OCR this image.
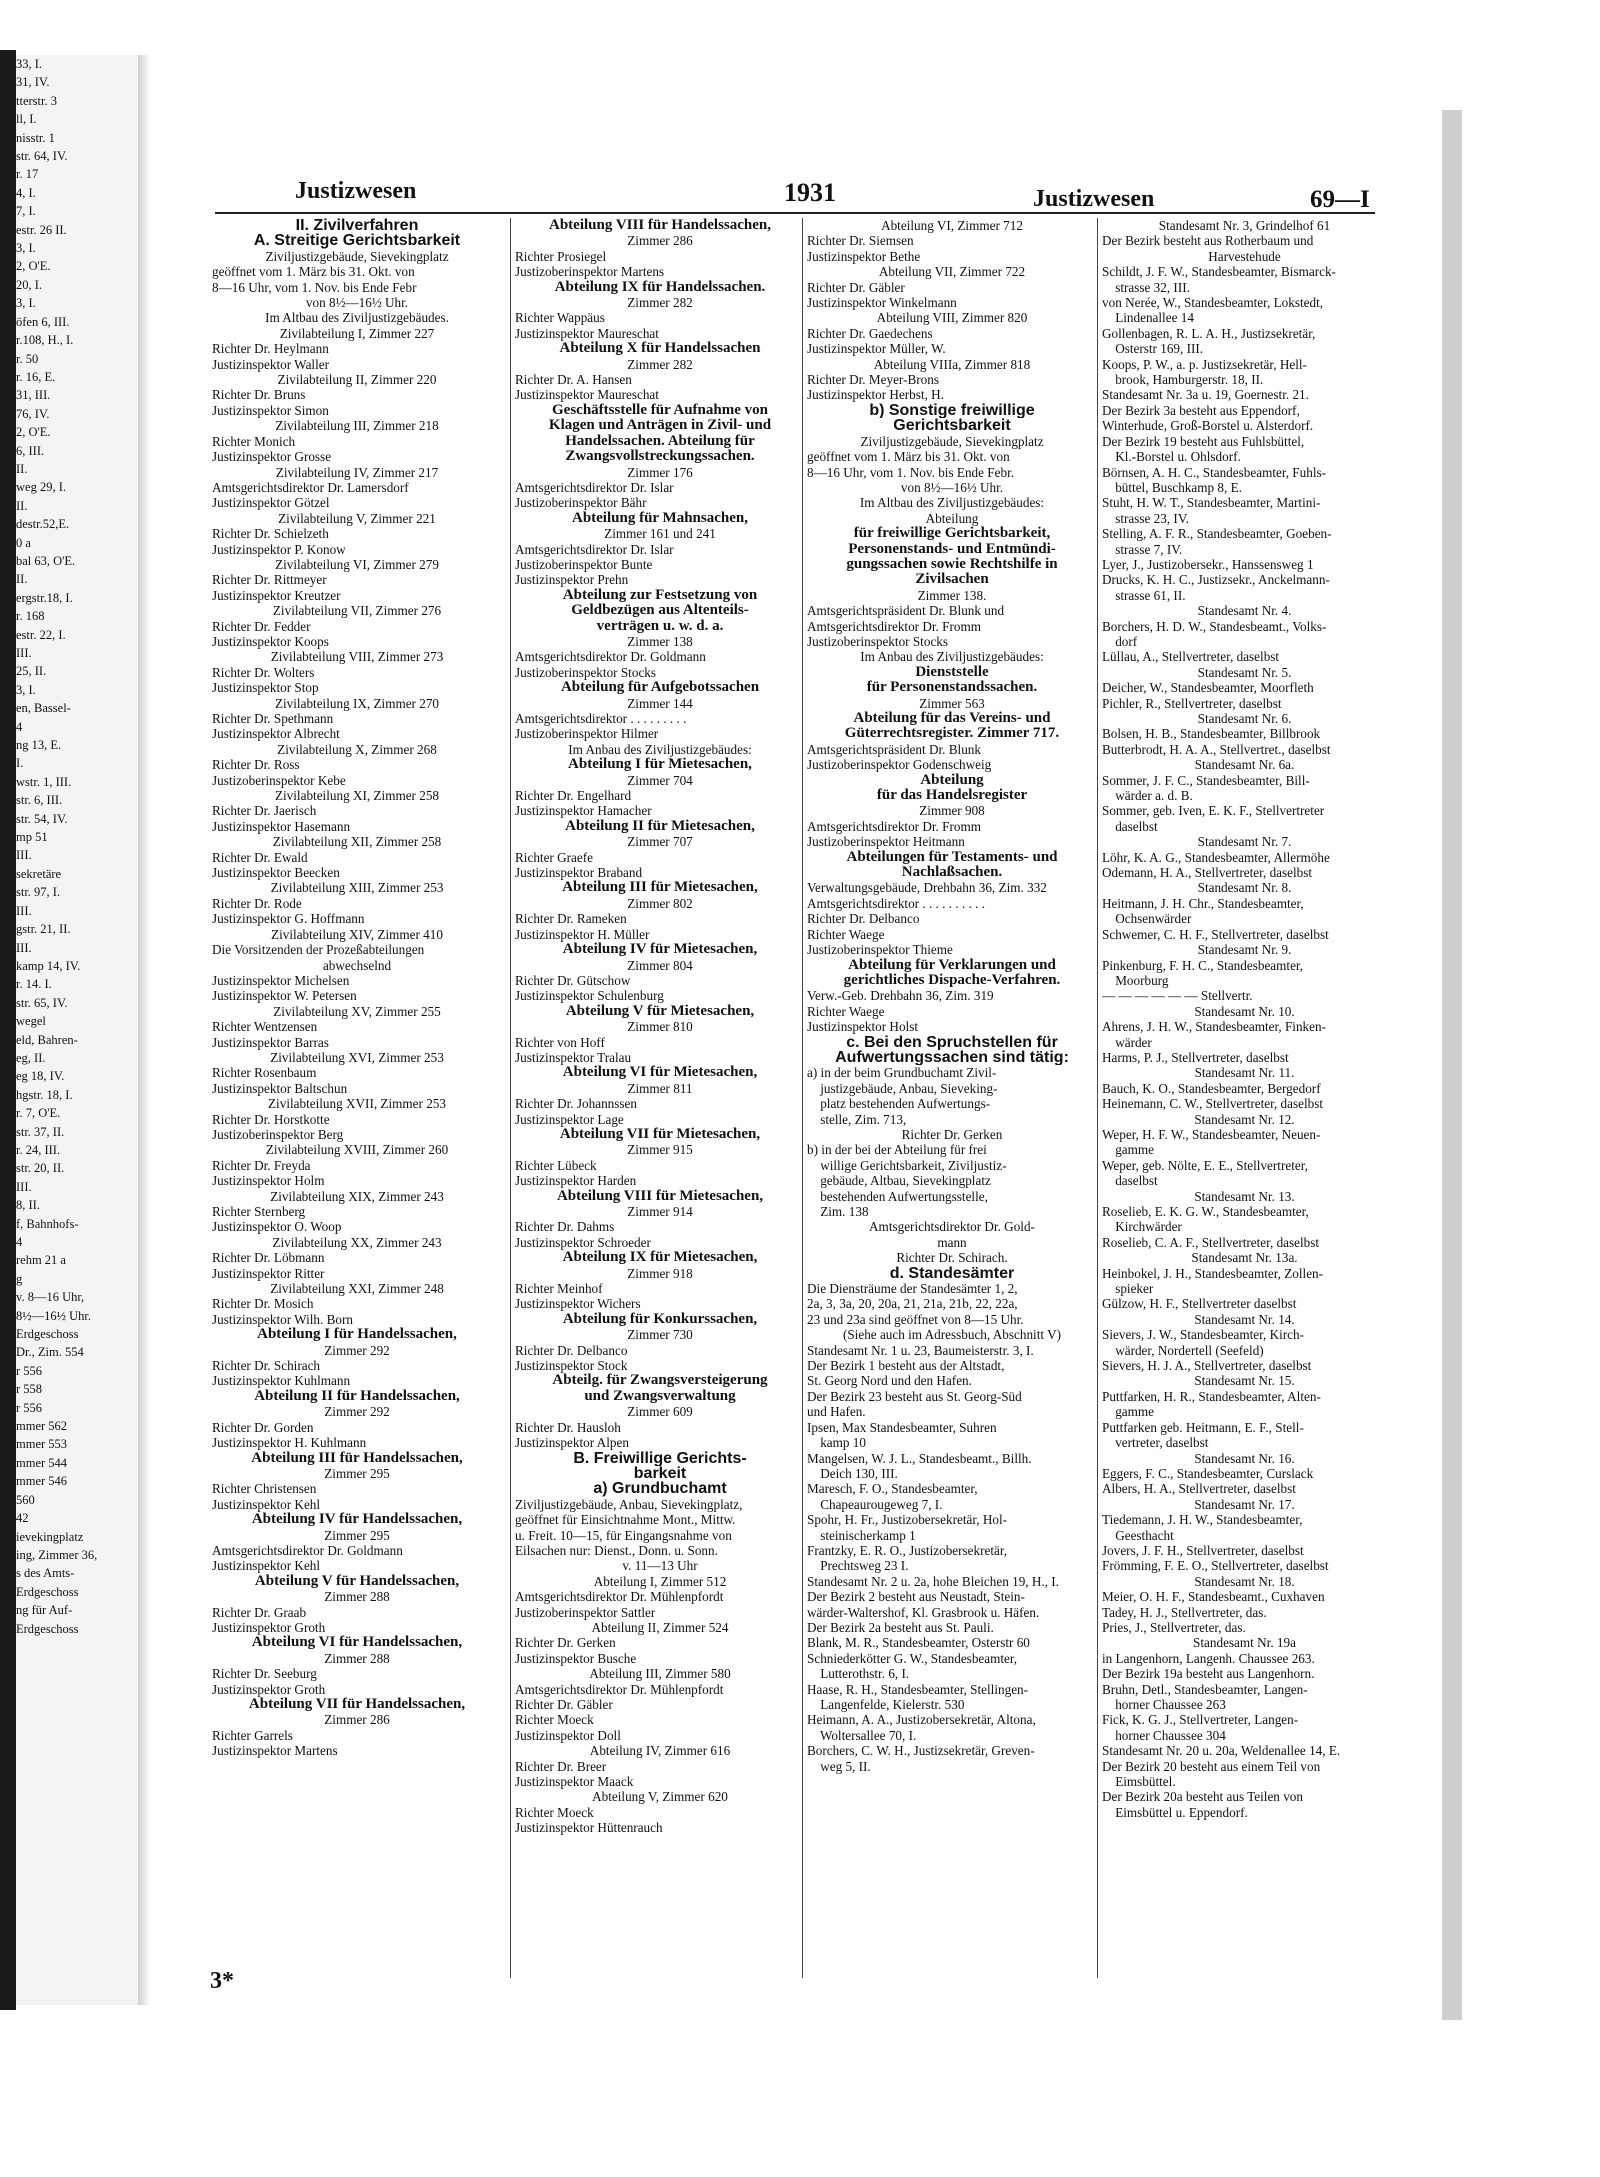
33, I.
31, IV.
tterstr. 3
ll, I.
nisstr. 1
str. 64, IV.
r. 17
4, I.
7, I.
estr. 26 II.
3, I.
2, O'E.
20, I.
3, I.
öfen 6, III.
r.108, H., I.
r. 50
r. 16, E.
31, III.
76, IV.
2, O'E.
6, III.
II.
weg 29, I.
II.
destr.52,E.
0 a
bal 63, O'E.
II.
ergstr.18, I.
r. 168
estr. 22, I.
III.
25, II.
3, I.
en, Bassel-
4
ng 13, E.
I.
wstr. 1, III.
str. 6, III.
str. 54, IV.
mp 51
III.
sekretäre
str. 97, I.
III.
gstr. 21, II.
III.
kamp 14, IV.
r. 14. I.
str. 65, IV.
wegel
eld, Bahren-
eg, II.
eg 18, IV.
hgstr. 18, I.
r. 7, O'E.
str. 37, II.
r. 24, III.
str. 20, II.
III.
8, II.
f, Bahnhofs-
4
rehm 21 a
g
v. 8—16 Uhr,
8½—16½ Uhr.
Erdgeschoss
Dr., Zim. 554
r 556
r 558
r 556
mmer 562
mmer 553
mmer 544
mmer 546
560
42
ievekingplatz
ing, Zimmer 36,
s des Amts-
Erdgeschoss
ng für Auf-
Erdgeschoss
Justizwesen	1931	Justizwesen	69—I
II. Zivilverfahren
A. Streitige Gerichtsbarkeit
Ziviljustizgebäude, Sievekingplatz
geöffnet vom 1. März bis 31. Okt. von
8—16 Uhr, vom 1. Nov. bis Ende Febr
von 8½—16½ Uhr.
Im Altbau des Ziviljustizgebäudes.
Zivilabteilung I, Zimmer 227
Richter Dr. Heylmann
Justizinspektor Waller
Zivilabteilung II, Zimmer 220
Richter Dr. Bruns
Justizinspektor Simon
Zivilabteilung III, Zimmer 218
Richter Monich
Justizinspektor Grosse
Zivilabteilung IV, Zimmer 217
Amtsgerichtsdirektor Dr. Lamersdorf
Justizinspektor Götzel
Zivilabteilung V, Zimmer 221
Richter Dr. Schielzeth
Justizinspektor P. Konow
Zivilabteilung VI, Zimmer 279
Richter Dr. Rittmeyer
Justizinspektor Kreutzer
Zivilabteilung VII, Zimmer 276
Richter Dr. Fedder
Justizinspektor Koops
Zivilabteilung VIII, Zimmer 273
Richter Dr. Wolters
Justizinspektor Stop
Zivilabteilung IX, Zimmer 270
Richter Dr. Spethmann
Justizinspektor Albrecht
Zivilabteilung X, Zimmer 268
Richter Dr. Ross
Justizoberinspektor Kebe
Zivilabteilung XI, Zimmer 258
Richter Dr. Jaerisch
Justizinspektor Hasemann
Zivilabteilung XII, Zimmer 258
Richter Dr. Ewald
Justizinspektor Beecken
Zivilabteilung XIII, Zimmer 253
Richter Dr. Rode
Justizinspektor G. Hoffmann
Zivilabteilung XIV, Zimmer 410
Die Vorsitzenden der Prozeßabteilungen
abwechselnd
Justizinspektor Michelsen
Justizinspektor W. Petersen
Zivilabteilung XV, Zimmer 255
Richter Wentzensen
Justizinspektor Barras
Zivilabteilung XVI, Zimmer 253
Richter Rosenbaum
Justizinspektor Baltschun
Zivilabteilung XVII, Zimmer 253
Richter Dr. Horstkotte
Justizoberinspektor Berg
Zivilabteilung XVIII, Zimmer 260
Richter Dr. Freyda
Justizinspektor Holm
Zivilabteilung XIX, Zimmer 243
Richter Sternberg
Justizinspektor O. Woop
Zivilabteilung XX, Zimmer 243
Richter Dr. Löbmann
Justizinspektor Ritter
Zivilabteilung XXI, Zimmer 248
Richter Dr. Mosich
Justizinspektor Wilh. Born
Abteilung I für Handelssachen,
Zimmer 292
Richter Dr. Schirach
Justizinspektor Kuhlmann
Abteilung II für Handelssachen,
Zimmer 292
Richter Dr. Gorden
Justizinspektor H. Kuhlmann
Abteilung III für Handelssachen,
Zimmer 295
Richter Christensen
Justizinspektor Kehl
Abteilung IV für Handelssachen,
Zimmer 295
Amtsgerichtsdirektor Dr. Goldmann
Justizinspektor Kehl
Abteilung V für Handelssachen,
Zimmer 288
Richter Dr. Graab
Justizinspektor Groth
Abteilung VI für Handelssachen,
Zimmer 288
Richter Dr. Seeburg
Justizinspektor Groth
Abteilung VII für Handelssachen,
Zimmer 286
Richter Garrels
Justizinspektor Martens
Abteilung VIII für Handelssachen,
Zimmer 286
Richter Prosiegel
Justizoberinspektor Martens
Abteilung IX für Handelssachen.
Zimmer 282
Richter Wappäus
Justizinspektor Maureschat
Abteilung X für Handelssachen
Zimmer 282
Richter Dr. A. Hansen
Justizinspektor Maureschat
Geschäftsstelle für Aufnahme von
Klagen und Anträgen in Zivil- und
Handelssachen. Abteilung für
Zwangsvollstreckungssachen.
Zimmer 176
Amtsgerichtsdirektor Dr. Islar
Justizoberinspektor Bähr
Abteilung für Mahnsachen,
Zimmer 161 und 241
Amtsgerichtsdirektor Dr. Islar
Justizoberinspektor Bunte
Justizinspektor Prehn
Abteilung zur Festsetzung von
Geldbezügen aus Altenteils-
verträgen u. w. d. a.
Zimmer 138
Amtsgerichtsdirektor Dr. Goldmann
Justizoberinspektor Stocks
Abteilung für Aufgebotssachen
Zimmer 144
Amtsgerichtsdirektor . . . . . . . . .
Justizoberinspektor Hilmer
Im Anbau des Ziviljustizgebäudes:
Abteilung I für Mietesachen,
Zimmer 704
Richter Dr. Engelhard
Justizinspektor Hamacher
Abteilung II für Mietesachen,
Zimmer 707
Richter Graefe
Justizinspektor Braband
Abteilung III für Mietesachen,
Zimmer 802
Richter Dr. Rameken
Justizinspektor H. Müller
Abteilung IV für Mietesachen,
Zimmer 804
Richter Dr. Gütschow
Justizinspektor Schulenburg
Abteilung V für Mietesachen,
Zimmer 810
Richter von Hoff
Justizinspektor Tralau
Abteilung VI für Mietesachen,
Zimmer 811
Richter Dr. Johannssen
Justizinspektor Lage
Abteilung VII für Mietesachen,
Zimmer 915
Richter Lübeck
Justizinspektor Harden
Abteilung VIII für Mietesachen,
Zimmer 914
Richter Dr. Dahms
Justizinspektor Schroeder
Abteilung IX für Mietesachen,
Zimmer 918
Richter Meinhof
Justizinspektor Wichers
Abteilung für Konkurssachen,
Zimmer 730
Richter Dr. Delbanco
Justizinspektor Stock
Abteilg. für Zwangsversteigerung
und Zwangsverwaltung
Zimmer 609
Richter Dr. Hausloh
Justizinspektor Alpen
B. Freiwillige Gerichts-
barkeit
a) Grundbuchamt
Ziviljustizgebäude, Anbau, Sievekingplatz,
geöffnet für Einsichtnahme Mont., Mittw.
u. Freit. 10—15, für Eingangsnahme von
Eilsachen nur: Dienst., Donn. u. Sonn.
v. 11—13 Uhr
Abteilung I, Zimmer 512
Amtsgerichtsdirektor Dr. Mühlenpfordt
Justizoberinspektor Sattler
Abteilung II, Zimmer 524
Richter Dr. Gerken
Justizinspektor Busche
Abteilung III, Zimmer 580
Amtsgerichtsdirektor Dr. Mühlenpfordt
Richter Dr. Gäbler
Richter Moeck
Justizinspektor Doll
Abteilung IV, Zimmer 616
Richter Dr. Breer
Justizinspektor Maack
Abteilung V, Zimmer 620
Richter Moeck
Justizinspektor Hüttenrauch
Abteilung VI, Zimmer 712
Richter Dr. Siemsen
Justizinspektor Bethe
Abteilung VII, Zimmer 722
Richter Dr. Gäbler
Justizinspektor Winkelmann
Abteilung VIII, Zimmer 820
Richter Dr. Gaedechens
Justizinspektor Müller, W.
Abteilung VIIIa, Zimmer 818
Richter Dr. Meyer-Brons
Justizinspektor Herbst, H.
b) Sonstige freiwillige
Gerichtsbarkeit
Ziviljustizgebäude, Sievekingplatz
geöffnet vom 1. März bis 31. Okt. von
8—16 Uhr, vom 1. Nov. bis Ende Febr.
von 8½—16½ Uhr.
Im Altbau des Ziviljustizgebäudes:
Abteilung
für freiwillige Gerichtsbarkeit,
Personenstands- und Entmündi-
gungssachen sowie Rechtshilfe in
Zivilsachen
Zimmer 138.
Amtsgerichtspräsident Dr. Blunk und
Amtsgerichtsdirektor Dr. Fromm
Justizoberinspektor Stocks
Im Anbau des Ziviljustizgebäudes:
Dienststelle
für Personenstandssachen.
Zimmer 563
Abteilung für das Vereins- und
Güterrechtsregister. Zimmer 717.
Amtsgerichtspräsident Dr. Blunk
Justizoberinspektor Godenschweig
Abteilung
für das Handelsregister
Zimmer 908
Amtsgerichtsdirektor Dr. Fromm
Justizoberinspektor Heitmann
Abteilungen für Testaments- und
Nachlaßsachen.
Verwaltungsgebäude, Drehbahn 36, Zim. 332
Amtsgerichtsdirektor . . . . . . . . . .
Richter Dr. Delbanco
Richter Waege
Justizoberinspektor Thieme
Abteilung für Verklarungen und
gerichtliches Dispache-Verfahren.
Verw.-Geb. Drehbahn 36, Zim. 319
Richter Waege
Justizinspektor Holst
c. Bei den Spruchstellen für
Aufwertungssachen sind tätig:
a) in der beim Grundbuchamt Zivil-
justizgebäude, Anbau, Sieveking-
platz bestehenden Aufwertungs-
stelle, Zim. 713,
Richter Dr. Gerken
b) in der bei der Abteilung für frei
willige Gerichtsbarkeit, Ziviljustiz-
gebäude, Altbau, Sievekingplatz
bestehenden Aufwertungsstelle,
Zim. 138
Amtsgerichtsdirektor Dr. Gold-
mann
Richter Dr. Schirach.
d. Standesämter
Die Diensträume der Standesämter 1, 2,
2a, 3, 3a, 20, 20a, 21, 21a, 21b, 22, 22a,
23 und 23a sind geöffnet von 8—15 Uhr.
(Siehe auch im Adressbuch, Abschnitt V)
Standesamt Nr. 1 u. 23, Baumeisterstr. 3, I.
Der Bezirk 1 besteht aus der Altstadt,
St. Georg Nord und den Hafen.
Der Bezirk 23 besteht aus St. Georg-Süd
und Hafen.
Ipsen, Max Standesbeamter, Suhren
kamp 10
Mangelsen, W. J. L., Standesbeamt., Billh.
Deich 130, III.
Maresch, F. O., Standesbeamter,
Chapeaurougeweg 7, I.
Spohr, H. Fr., Justizobersekretär, Hol-
steinischerkamp 1
Frantzky, E. R. O., Justizobersekretär,
Prechtsweg 23 I.
Standesamt Nr. 2 u. 2a, hohe Bleichen 19, H., I.
Der Bezirk 2 besteht aus Neustadt, Stein-
wärder-Waltershof, Kl. Grasbrook u. Häfen.
Der Bezirk 2a besteht aus St. Pauli.
Blank, M. R., Standesbeamter, Osterstr 60
Schniederkötter G. W., Standesbeamter,
Lutterothstr. 6, I.
Haase, R. H., Standesbeamter, Stellingen-
Langenfelde, Kielerstr. 530
Heimann, A. A., Justizobersekretär, Altona,
Woltersallee 70, I.
Borchers, C. W. H., Justizsekretär, Greven-
weg 5, II.
Standesamt Nr. 3, Grindelhof 61
Der Bezirk besteht aus Rotherbaum und
Harvestehude
Schildt, J. F. W., Standesbeamter, Bismarck-
strasse 32, III.
von Nerée, W., Standesbeamter, Lokstedt,
Lindenallee 14
Gollenbagen, R. L. A. H., Justizsekretär,
Osterstr 169, III.
Koops, P. W., a. p. Justizsekretär, Hell-
brook, Hamburgerstr. 18, II.
Standesamt Nr. 3a u. 19, Goernestr. 21.
Der Bezirk 3a besteht aus Eppendorf,
Winterhude, Groß-Borstel u. Alsterdorf.
Der Bezirk 19 besteht aus Fuhlsbüttel,
Kl.-Borstel u. Ohlsdorf.
Börnsen, A. H. C., Standesbeamter, Fuhls-
büttel, Buschkamp 8, E.
Stuht, H. W. T., Standesbeamter, Martini-
strasse 23, IV.
Stelling, A. F. R., Standesbeamter, Goeben-
strasse 7, IV.
Lyer, J., Justizobersekr., Hanssensweg 1
Drucks, K. H. C., Justizsekr., Anckelmann-
strasse 61, II.
Standesamt Nr. 4.
Borchers, H. D. W., Standesbeamt., Volks-
dorf
Lüllau, A., Stellvertreter, daselbst
Standesamt Nr. 5.
Deicher, W., Standesbeamter, Moorfleth
Pichler, R., Stellvertreter, daselbst
Standesamt Nr. 6.
Bolsen, H. B., Standesbeamter, Billbrook
Butterbrodt, H. A. A., Stellvertret., daselbst
Standesamt Nr. 6a.
Sommer, J. F. C., Standesbeamter, Bill-
wärder a. d. B.
Sommer, geb. Iven, E. K. F., Stellvertreter
daselbst
Standesamt Nr. 7.
Löhr, K. A. G., Standesbeamter, Allermöhe
Odemann, H. A., Stellvertreter, daselbst
Standesamt Nr. 8.
Heitmann, J. H. Chr., Standesbeamter,
Ochsenwärder
Schwemer, C. H. F., Stellvertreter, daselbst
Standesamt Nr. 9.
Pinkenburg, F. H. C., Standesbeamter,
Moorburg
— — — — — — Stellvertr.
Standesamt Nr. 10.
Ahrens, J. H. W., Standesbeamter, Finken-
wärder
Harms, P. J., Stellvertreter, daselbst
Standesamt Nr. 11.
Bauch, K. O., Standesbeamter, Bergedorf
Heinemann, C. W., Stellvertreter, daselbst
Standesamt Nr. 12.
Weper, H. F. W., Standesbeamter, Neuen-
gamme
Weper, geb. Nölte, E. E., Stellvertreter,
daselbst
Standesamt Nr. 13.
Roselieb, E. K. G. W., Standesbeamter,
Kirchwärder
Roselieb, C. A. F., Stellvertreter, daselbst
Standesamt Nr. 13a.
Heinbokel, J. H., Standesbeamter, Zollen-
spieker
Gülzow, H. F., Stellvertreter daselbst
Standesamt Nr. 14.
Sievers, J. W., Standesbeamter, Kirch-
wärder, Nordertell (Seefeld)
Sievers, H. J. A., Stellvertreter, daselbst
Standesamt Nr. 15.
Puttfarken, H. R., Standesbeamter, Alten-
gamme
Puttfarken geb. Heitmann, E. F., Stell-
vertreter, daselbst
Standesamt Nr. 16.
Eggers, F. C., Standesbeamter, Curslack
Albers, H. A., Stellvertreter, daselbst
Standesamt Nr. 17.
Tiedemann, J. H. W., Standesbeamter,
Geesthacht
Jovers, J. F. H., Stellvertreter, daselbst
Frömming, F. E. O., Stellvertreter, daselbst
Standesamt Nr. 18.
Meier, O. H. F., Standesbeamt., Cuxhaven
Tadey, H. J., Stellvertreter, das.
Pries, J., Stellvertreter, das.
Standesamt Nr. 19a
in Langenhorn, Langenh. Chaussee 263.
Der Bezirk 19a besteht aus Langenhorn.
Bruhn, Detl., Standesbeamter, Langen-
horner Chaussee 263
Fick, K. G. J., Stellvertreter, Langen-
horner Chaussee 304
Standesamt Nr. 20 u. 20a, Weldenallee 14, E.
Der Bezirk 20 besteht aus einem Teil von
Eimsbüttel.
Der Bezirk 20a besteht aus Teilen von
Eimsbüttel u. Eppendorf.
3*
